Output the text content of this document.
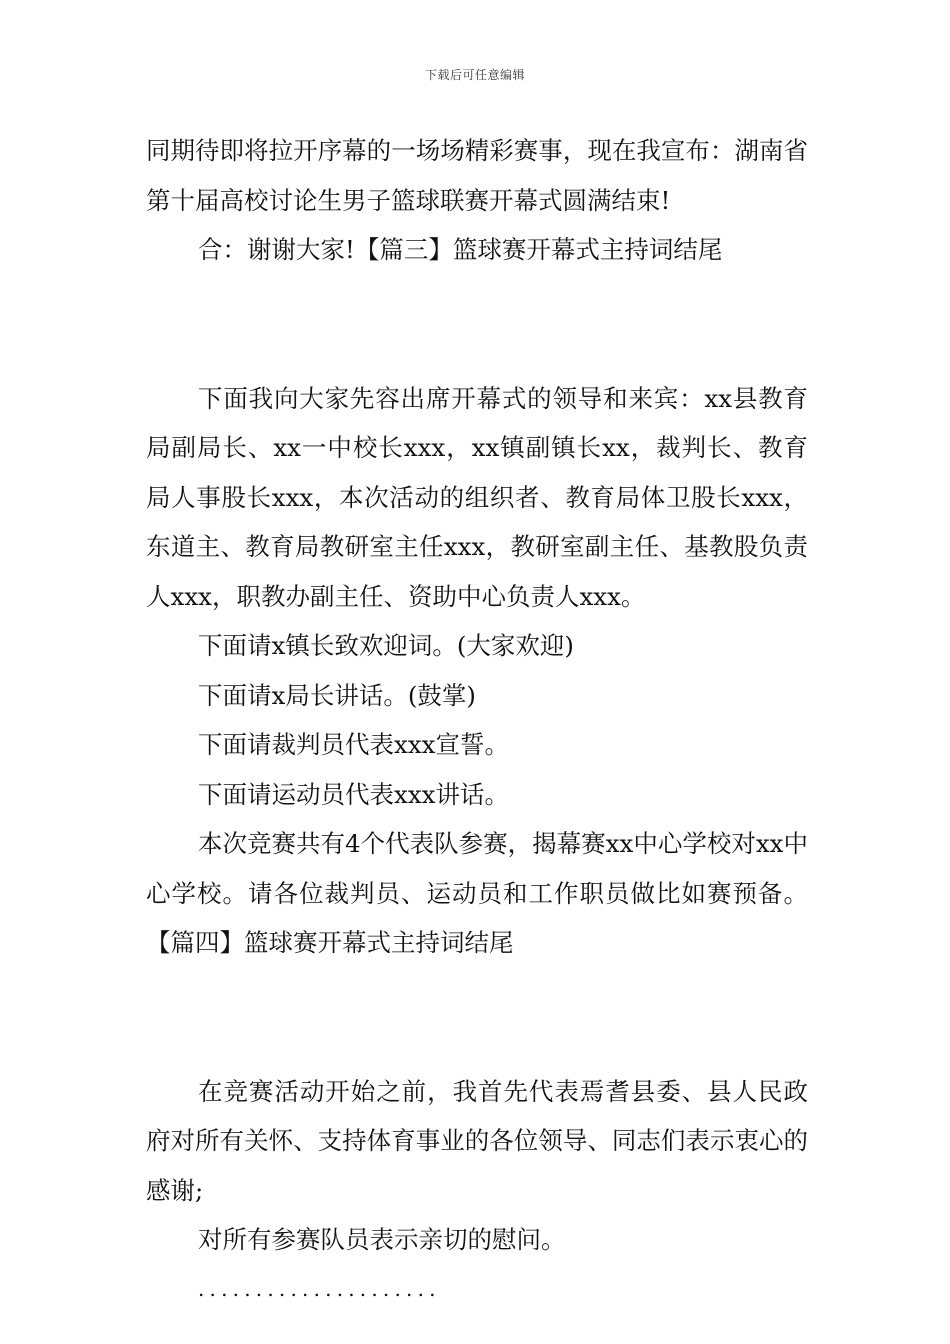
下载后可任意编辑

同期待即将拉开序幕的一场场精彩赛事，现在我宣布：湖南省第十届高校讨论生男子篮球联赛开幕式圆满结束!

合：谢谢大家!【篇三】篮球赛开幕式主持词结尾

下面我向大家先容出席开幕式的领导和来宾：xx县教育局副局长、xx一中校长xxx，xx镇副镇长xx，裁判长、教育局人事股长xxx，本次活动的组织者、教育局体卫股长xxx，东道主、教育局教研室主任xxx，教研室副主任、基教股负责人xxx，职教办副主任、资助中心负责人xxx。

下面请x镇长致欢迎词。(大家欢迎)

下面请x局长讲话。(鼓掌)

下面请裁判员代表xxx宣誓。

下面请运动员代表xxx讲话。

本次竞赛共有4个代表队参赛，揭幕赛xx中心学校对xx中心学校。请各位裁判员、运动员和工作职员做比如赛预备。【篇四】篮球赛开幕式主持词结尾

在竞赛活动开始之前，我首先代表焉耆县委、县人民政府对所有关怀、支持体育事业的各位领导、同志们表示衷心的感谢;

对所有参赛队员表示亲切的慰问。

.....................
